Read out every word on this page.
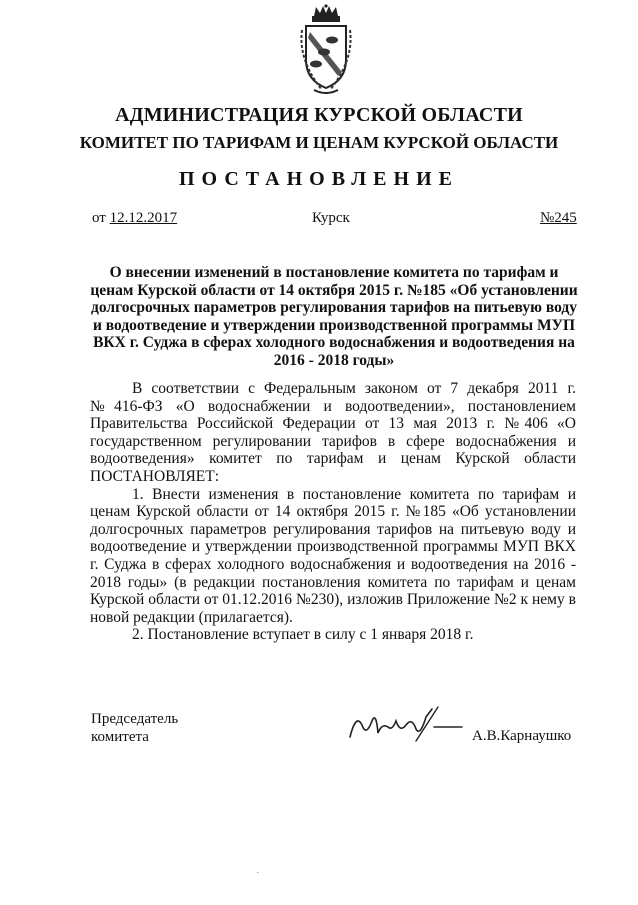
АДМИНИСТРАЦИЯ КУРСКОЙ ОБЛАСТИ
КОМИТЕТ ПО ТАРИФАМ И ЦЕНАМ КУРСКОЙ ОБЛАСТИ
ПОСТАНОВЛЕНИЕ
от 12.12.2017	Курск	№245
О внесении изменений в постановление комитета по тарифам и ценам Курской области от 14 октября 2015 г. №185 «Об установлении долгосрочных параметров регулирования тарифов на питьевую воду и водоотведение и утверждении производственной программы МУП ВКХ г. Суджа в сферах холодного водоснабжения и водоотведения на 2016 - 2018 годы»

В соответствии с Федеральным законом от 7 декабря 2011 г. №416-ФЗ «О водоснабжении и водоотведении», постановлением Правительства Российской Федерации от 13 мая 2013 г. №406 «О государственном регулировании тарифов в сфере водоснабжения и водоотведения» комитет по тарифам и ценам Курской области ПОСТАНОВЛЯЕТ:

1. Внести изменения в постановление комитета по тарифам и ценам Курской области от 14 октября 2015 г. №185 «Об установлении долгосрочных параметров регулирования тарифов на питьевую воду и водоотведение и утверждении производственной программы МУП ВКХ г. Суджа в сферах холодного водоснабжения и водоотведения на 2016 - 2018 годы» (в редакции постановления комитета по тарифам и ценам Курской области от 01.12.2016 №230), изложив Приложение №2 к нему в новой редакции (прилагается).

2. Постановление вступает в силу с 1 января 2018 г.

Председатель
комитета	А.В.Карнаушко
·
